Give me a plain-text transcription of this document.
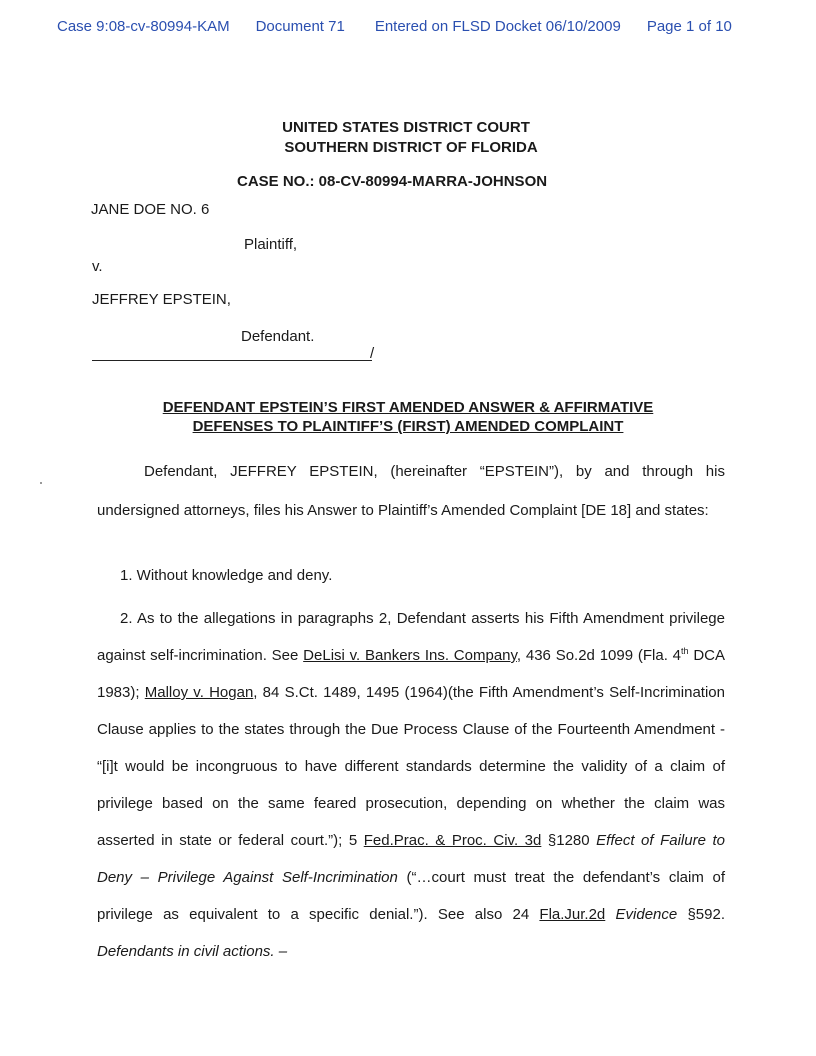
Case 9:08-cv-80994-KAM Document 71 Entered on FLSD Docket 06/10/2009 Page 1 of 10
UNITED STATES DISTRICT COURT
SOUTHERN DISTRICT OF FLORIDA
CASE NO.: 08-CV-80994-MARRA-JOHNSON
JANE DOE NO. 6
Plaintiff,
v.
JEFFREY EPSTEIN,
Defendant.
/
DEFENDANT EPSTEIN’S FIRST AMENDED ANSWER & AFFIRMATIVE
DEFENSES TO PLAINTIFF’S (FIRST) AMENDED COMPLAINT
Defendant, JEFFREY EPSTEIN, (hereinafter “EPSTEIN”), by and through his undersigned attorneys, files his Answer to Plaintiff’s Amended Complaint [DE 18] and states:
1. Without knowledge and deny.
2. As to the allegations in paragraphs 2, Defendant asserts his Fifth Amendment privilege against self-incrimination. See DeLisi v. Bankers Ins. Company, 436 So.2d 1099 (Fla. 4th DCA 1983); Malloy v. Hogan, 84 S.Ct. 1489, 1495 (1964)(the Fifth Amendment’s Self-Incrimination Clause applies to the states through the Due Process Clause of the Fourteenth Amendment - “[i]t would be incongruous to have different standards determine the validity of a claim of privilege based on the same feared prosecution, depending on whether the claim was asserted in state or federal court.”); 5 Fed.Prac. & Proc. Civ. 3d §1280 Effect of Failure to Deny – Privilege Against Self-Incrimination (“…court must treat the defendant’s claim of privilege as equivalent to a specific denial.”). See also 24 Fla.Jur.2d Evidence §592. Defendants in civil actions. –
